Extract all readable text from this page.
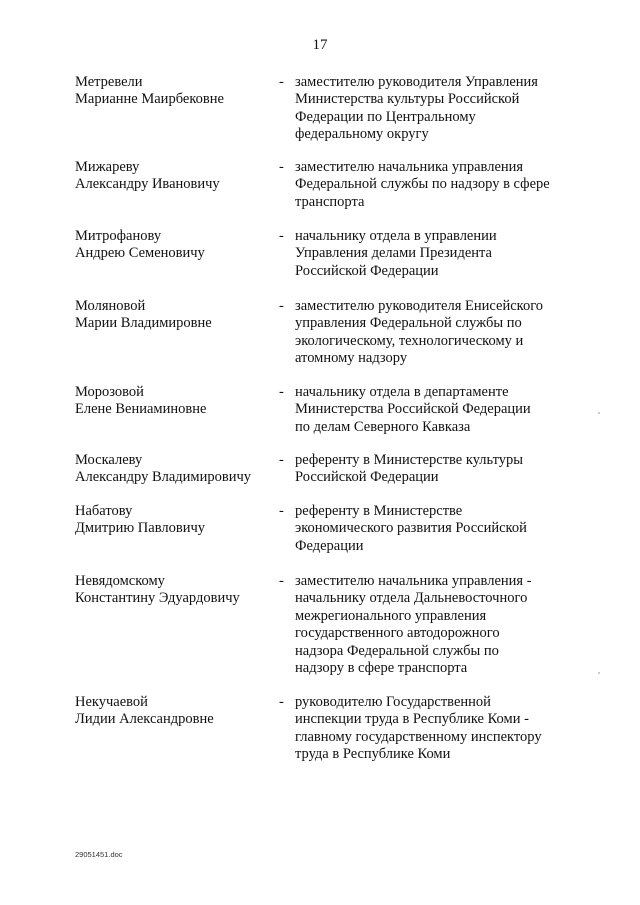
17
Метревели
Марианне Маирбековне
- заместителю руководителя Управления
Министерства культуры Российской
Федерации по Центральному
федеральному округу
Мижареву
Александру Ивановичу
- заместителю начальника управления
Федеральной службы по надзору в сфере
транспорта
Митрофанову
Андрею Семеновичу
- начальнику отдела в управлении
Управления делами Президента
Российской Федерации
Моляновой
Марии Владимировне
- заместителю руководителя Енисейского
управления Федеральной службы по
экологическому, технологическому и
атомному надзору
Морозовой
Елене Вениаминовне
- начальнику отдела в департаменте
Министерства Российской Федерации
по делам Северного Кавказа
Москалеву
Александру Владимировичу
- референту в Министерстве культуры
Российской Федерации
Набатову
Дмитрию Павловичу
- референту в Министерстве
экономического развития Российской
Федерации
Невядомскому
Константину Эдуардовичу
- заместителю начальника управления -
начальнику отдела Дальневосточного
межрегионального управления
государственного автодорожного
надзора Федеральной службы по
надзору в сфере транспорта
Некучаевой
Лидии Александровне
- руководителю Государственной
инспекции труда в Республике Коми -
главному государственному инспектору
труда в Республике Коми
29051451.doc
